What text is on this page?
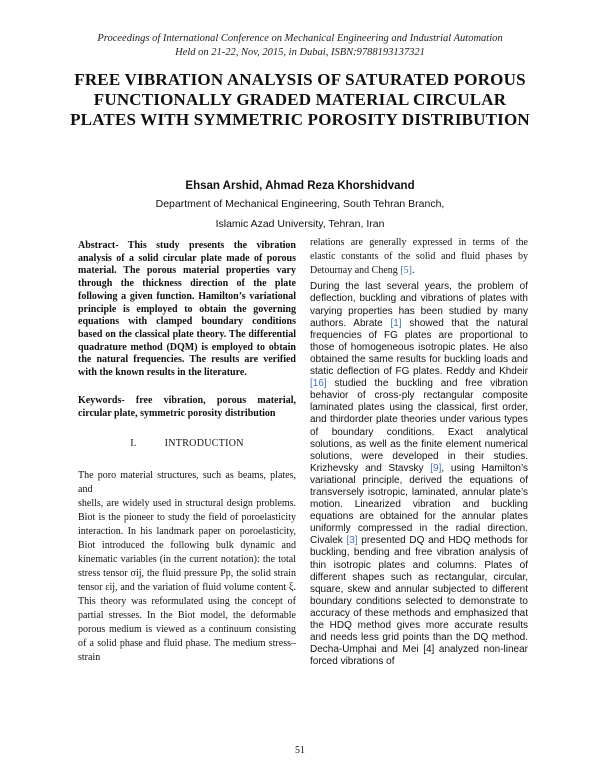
Proceedings of International Conference on Mechanical Engineering and Industrial Automation
Held on 21-22, Nov, 2015, in Dubai, ISBN:9788193137321
FREE VIBRATION ANALYSIS OF SATURATED POROUS FUNCTIONALLY GRADED MATERIAL CIRCULAR PLATES WITH SYMMETRIC POROSITY DISTRIBUTION
Ehsan Arshid, Ahmad Reza Khorshidvand
Department of Mechanical Engineering, South Tehran Branch,
Islamic Azad University, Tehran, Iran

Abstract- This study presents the vibration analysis of a solid circular plate made of porous material. The porous material properties vary through the thickness direction of the plate following a given function. Hamilton’s variational principle is employed to obtain the governing equations with clamped boundary conditions based on the classical plate theory. The differential quadrature method (DQM) is employed to obtain the natural frequencies. The results are verified with the known results in the literature.

Keywords- free vibration, porous material, circular plate, symmetric porosity distribution

I.	INTRODUCTION

The poro material structures, such as beams, plates, and
shells, are widely used in structural design problems. Biot is the pioneer to study the field of poroelasticity interaction. In his landmark paper on poroelasticity, Biot introduced the following bulk dynamic and kinematic variables (in the current notation): the total stress tensor σij, the fluid pressure Pp, the solid strain tensor εij, and the variation of fluid volume content ξ. This theory was reformulated using the concept of partial stresses. In the Biot model, the deformable porous medium is viewed as a continuum consisting of a solid phase and fluid phase. The medium stress–strain

relations are generally expressed in terms of the elastic constants of the solid and fluid phases by Detournay and Cheng [5].

During the last several years, the problem of deflection, buckling and vibrations of plates with varying properties has been studied by many authors. Abrate [1] showed that the natural frequencies of FG plates are proportional to those of homogeneous isotropic plates. He also obtained the same results for buckling loads and static deflection of FG plates. Reddy and Khdeir [16] studied the buckling and free vibration behavior of cross-ply rectangular composite laminated plates using the classical, first order, and thirdorder plate theories under various types of boundary conditions. Exact analytical solutions, as well as the finite element numerical solutions, were developed in their studies. Krizhevsky and Stavsky [9], using Hamilton’s variational principle, derived the equations of transversely isotropic, laminated, annular plate’s motion. Linearized vibration and buckling equations are obtained for the annular plates uniformly compressed in the radial direction. Civalek [3] presented DQ and HDQ methods for buckling, bending and free vibration analysis of thin isotropic plates and columns. Plates of different shapes such as rectangular, circular, square, skew and annular subjected to different boundary conditions selected to demonstrate to accuracy of these methods and emphasized that the HDQ method gives more accurate results and needs less grid points than the DQ method. Decha-Umphai and Mei [4] analyzed non-linear forced vibrations of

51
